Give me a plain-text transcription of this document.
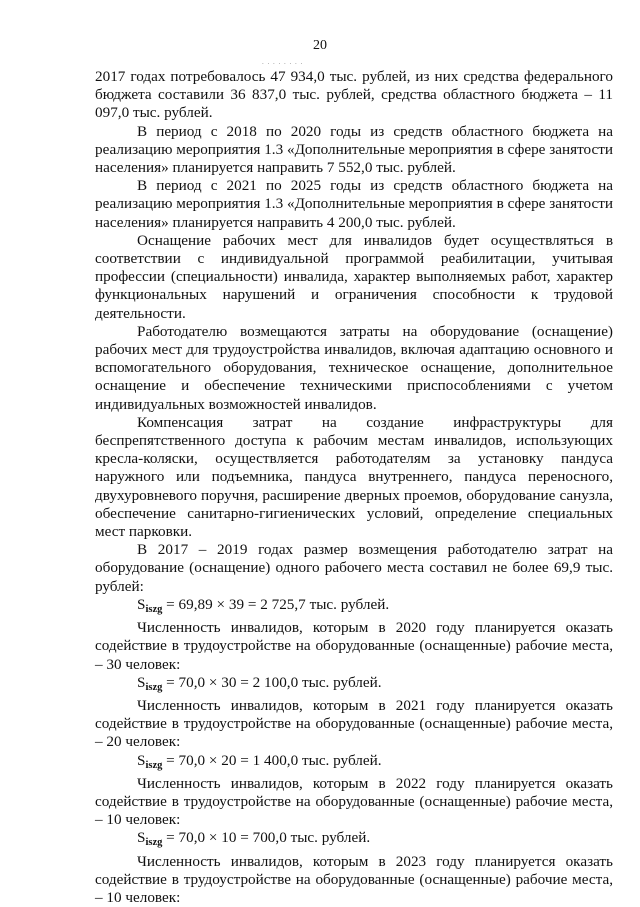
20
. . . . . . . .

2017 годах потребовалось 47 934,0 тыс. рублей, из них средства федерального бюджета составили 36 837,0 тыс. рублей, средства областного бюджета – 11 097,0 тыс. рублей.

В период с 2018 по 2020 годы из средств областного бюджета на реализацию мероприятия 1.3 «Дополнительные мероприятия в сфере занятости населения» планируется направить 7 552,0 тыс. рублей.

В период с 2021 по 2025 годы из средств областного бюджета на реализацию мероприятия 1.3 «Дополнительные мероприятия в сфере занятости населения» планируется направить 4 200,0 тыс. рублей.

Оснащение рабочих мест для инвалидов будет осуществляться в соответствии с индивидуальной программой реабилитации, учитывая профессии (специальности) инвалида, характер выполняемых работ, характер функциональных нарушений и ограничения способности к трудовой деятельности.

Работодателю возмещаются затраты на оборудование (оснащение) рабочих мест для трудоустройства инвалидов, включая адаптацию основного и вспомогательного оборудования, техническое оснащение, дополнительное оснащение и обеспечение техническими приспособлениями с учетом индивидуальных возможностей инвалидов.

Компенсация затрат на создание инфраструктуры для беспрепятственного доступа к рабочим местам инвалидов, использующих кресла-коляски, осуществляется работодателям за установку пандуса наружного или подъемника, пандуса внутреннего, пандуса переносного, двухуровневого поручня, расширение дверных проемов, оборудование санузла, обеспечение санитарно-гигиенических условий, определение специальных мест парковки.

В 2017 – 2019 годах размер возмещения работодателю затрат на оборудование (оснащение) одного рабочего места составил не более 69,9 тыс. рублей:

$S_{iszg} = 69,89 \times 39 = 2$ 725,7 тыс. рублей.

Численность инвалидов, которым в 2020 году планируется оказать содействие в трудоустройстве на оборудованные (оснащенные) рабочие места, – 30 человек:

$S_{iszg} = 70,0 \times 30 = 2$ 100,0 тыс. рублей.

Численность инвалидов, которым в 2021 году планируется оказать содействие в трудоустройстве на оборудованные (оснащенные) рабочие места, – 20 человек:

$S_{iszg} = 70,0 \times 20 = 1$ 400,0 тыс. рублей.

Численность инвалидов, которым в 2022 году планируется оказать содействие в трудоустройстве на оборудованные (оснащенные) рабочие места, – 10 человек:

$S_{iszg} = 70,0 \times 10 = 700,0$ тыс. рублей.

Численность инвалидов, которым в 2023 году планируется оказать содействие в трудоустройстве на оборудованные (оснащенные) рабочие места, – 10 человек:
